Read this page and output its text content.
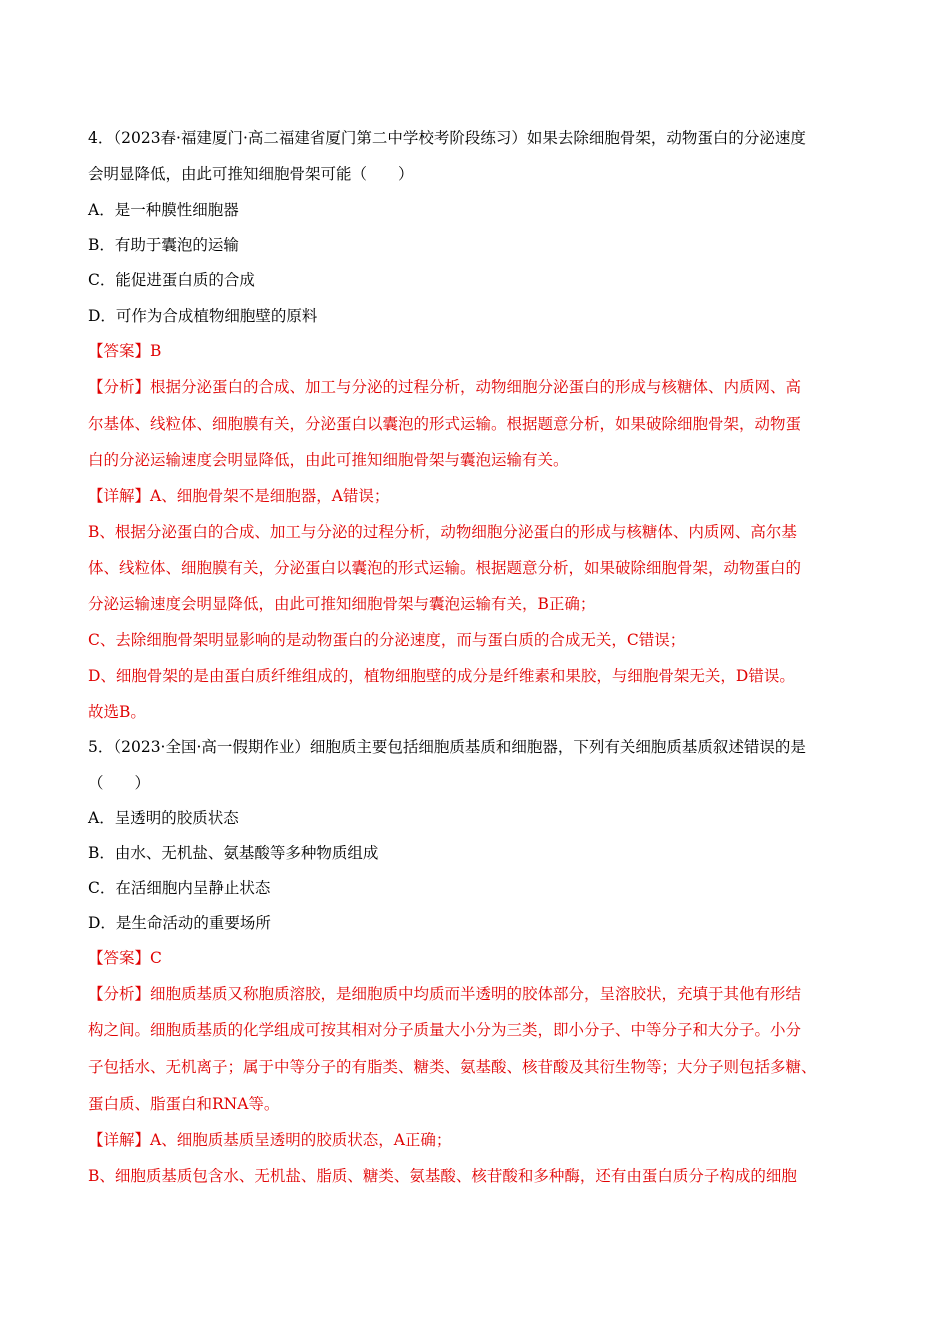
4．（2023春·福建厦门·高二福建省厦门第二中学校考阶段练习）如果去除细胞骨架，动物蛋白的分泌速度
会明显降低，由此可推知细胞骨架可能（　　）
A．是一种膜性细胞器
B．有助于囊泡的运输
C．能促进蛋白质的合成
D．可作为合成植物细胞壁的原料
【答案】B
【分析】根据分泌蛋白的合成、加工与分泌的过程分析，动物细胞分泌蛋白的形成与核糖体、内质网、高
尔基体、线粒体、细胞膜有关，分泌蛋白以囊泡的形式运输。根据题意分析，如果破除细胞骨架，动物蛋
白的分泌运输速度会明显降低，由此可推知细胞骨架与囊泡运输有关。
【详解】A、细胞骨架不是细胞器，A错误；
B、根据分泌蛋白的合成、加工与分泌的过程分析，动物细胞分泌蛋白的形成与核糖体、内质网、高尔基
体、线粒体、细胞膜有关，分泌蛋白以囊泡的形式运输。根据题意分析，如果破除细胞骨架，动物蛋白的
分泌运输速度会明显降低，由此可推知细胞骨架与囊泡运输有关，B正确；
C、去除细胞骨架明显影响的是动物蛋白的分泌速度，而与蛋白质的合成无关，C错误；
D、细胞骨架的是由蛋白质纤维组成的，植物细胞壁的成分是纤维素和果胶，与细胞骨架无关，D错误。
故选B。
5．（2023·全国·高一假期作业）细胞质主要包括细胞质基质和细胞器，下列有关细胞质基质叙述错误的是
（　　）
A．呈透明的胶质状态
B．由水、无机盐、氨基酸等多种物质组成
C．在活细胞内呈静止状态
D．是生命活动的重要场所
【答案】C
【分析】细胞质基质又称胞质溶胶，是细胞质中均质而半透明的胶体部分，呈溶胶状，充填于其他有形结
构之间。细胞质基质的化学组成可按其相对分子质量大小分为三类，即小分子、中等分子和大分子。小分
子包括水、无机离子；属于中等分子的有脂类、糖类、氨基酸、核苷酸及其衍生物等；大分子则包括多糖、
蛋白质、脂蛋白和RNA等。
【详解】A、细胞质基质呈透明的胶质状态，A正确；
B、细胞质基质包含水、无机盐、脂质、糖类、氨基酸、核苷酸和多种酶，还有由蛋白质分子构成的细胞
